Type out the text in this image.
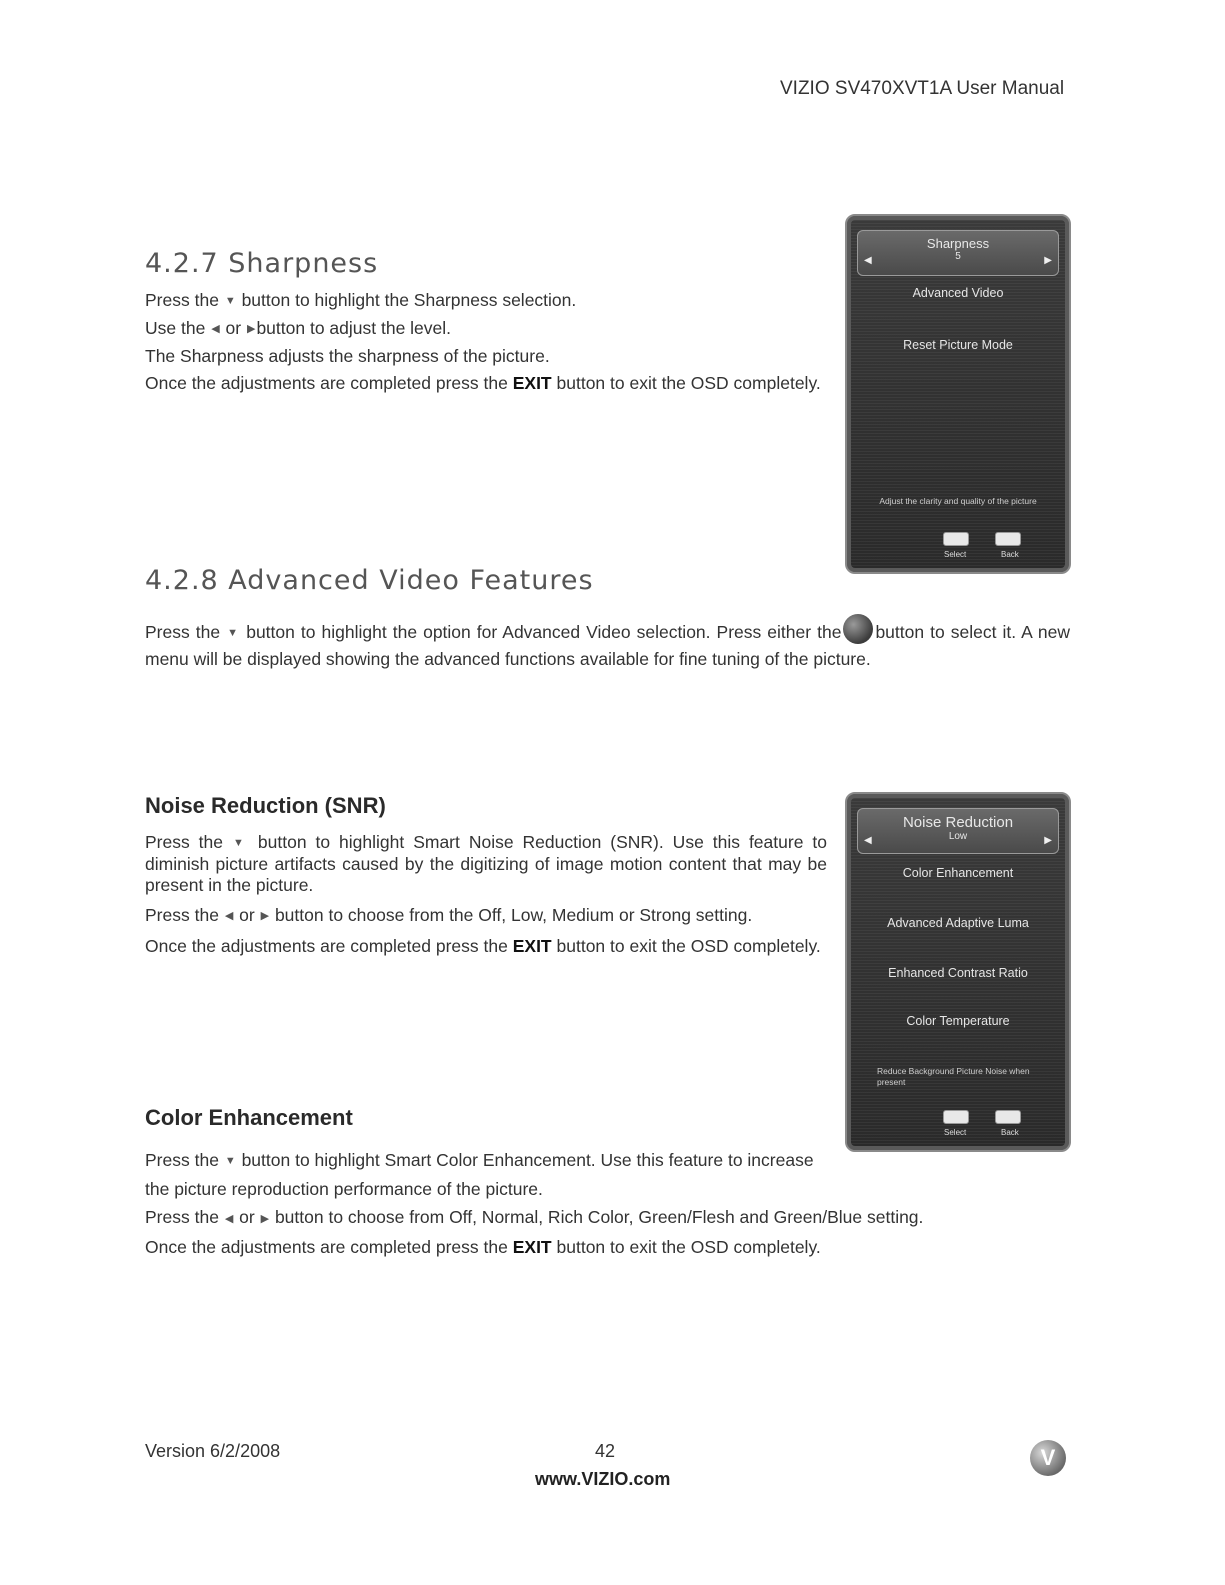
VIZIO SV470XVT1A User Manual
4.2.7 Sharpness

Press the ▼ button to highlight the Sharpness selection.

Use the ◀ or ▶button to adjust the level.

The Sharpness adjusts the sharpness of the picture.

Once the adjustments are completed press the EXIT button to exit the OSD completely.

Sharpness
5
◀	▶
Advanced Video
Reset Picture Mode
Adjust the clarity and quality of the picture
Select	Back
4.2.8 Advanced Video Features
Press the ▼ button to highlight the option for Advanced Video selection. Press either the button to select it. A new menu will be displayed showing the advanced functions available for fine tuning of the picture.
Noise Reduction (SNR)

Press the ▼ button to highlight Smart Noise Reduction (SNR). Use this feature to diminish picture artifacts caused by the digitizing of image motion content that may be present in the picture.

Press the ◀ or ▶ button to choose from the Off, Low, Medium or Strong setting.

Once the adjustments are completed press the EXIT button to exit the OSD completely.

Noise Reduction
Low
◀	▶
Color Enhancement
Advanced Adaptive Luma
Enhanced Contrast Ratio
Color Temperature
Reduce Background Picture Noise when present
Select	Back
Color Enhancement
Press the ▼ button to highlight Smart Color Enhancement. Use this feature to increase the picture reproduction performance of the picture.
Press the ◀ or ▶ button to choose from Off, Normal, Rich Color, Green/Flesh and Green/Blue setting.
Once the adjustments are completed press the EXIT button to exit the OSD completely.
Version 6/2/2008	42
www.VIZIO.com
V
